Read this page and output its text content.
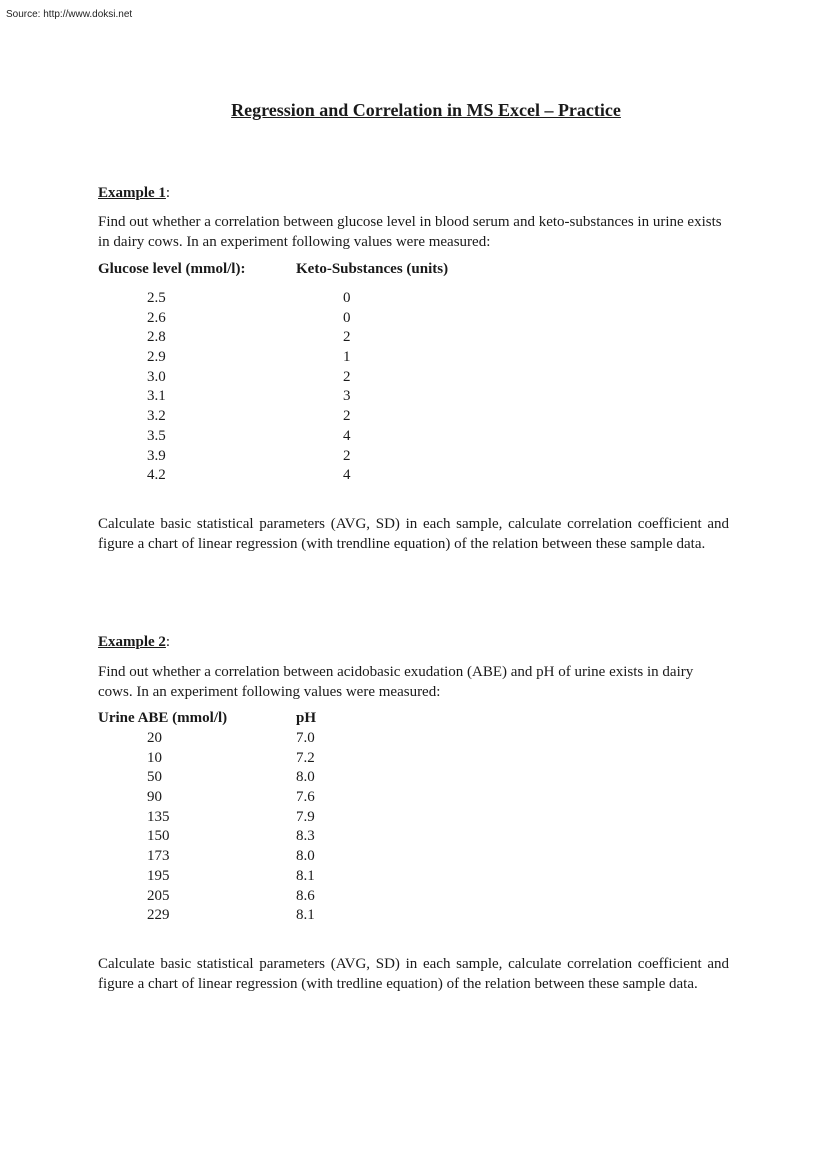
Source: http://www.doksi.net
Regression and Correlation in MS Excel – Practice
Example 1:
Find out whether a correlation between glucose level in blood serum and keto-substances in urine exists in dairy cows. In an experiment following values were measured:
Glucose level (mmol/l):	Keto-Substances (units)
2.5
2.6
2.8
2.9
3.0
3.1
3.2
3.5
3.9
4.2
0
0
2
1
2
3
2
4
2
4
Calculate basic statistical parameters (AVG, SD) in each sample, calculate correlation coefficient and figure a chart of linear regression (with trendline equation) of the relation between these sample data.
Example 2:
Find out whether a correlation between acidobasic exudation (ABE) and pH of urine exists in dairy cows. In an experiment following values were measured:
Urine ABE (mmol/l)	pH
20
10
50
90
135
150
173
195
205
229
7.0
7.2
8.0
7.6
7.9
8.3
8.0
8.1
8.6
8.1
Calculate basic statistical parameters (AVG, SD) in each sample, calculate correlation coefficient and figure a chart of linear regression (with tredline equation) of the relation between these sample data.
